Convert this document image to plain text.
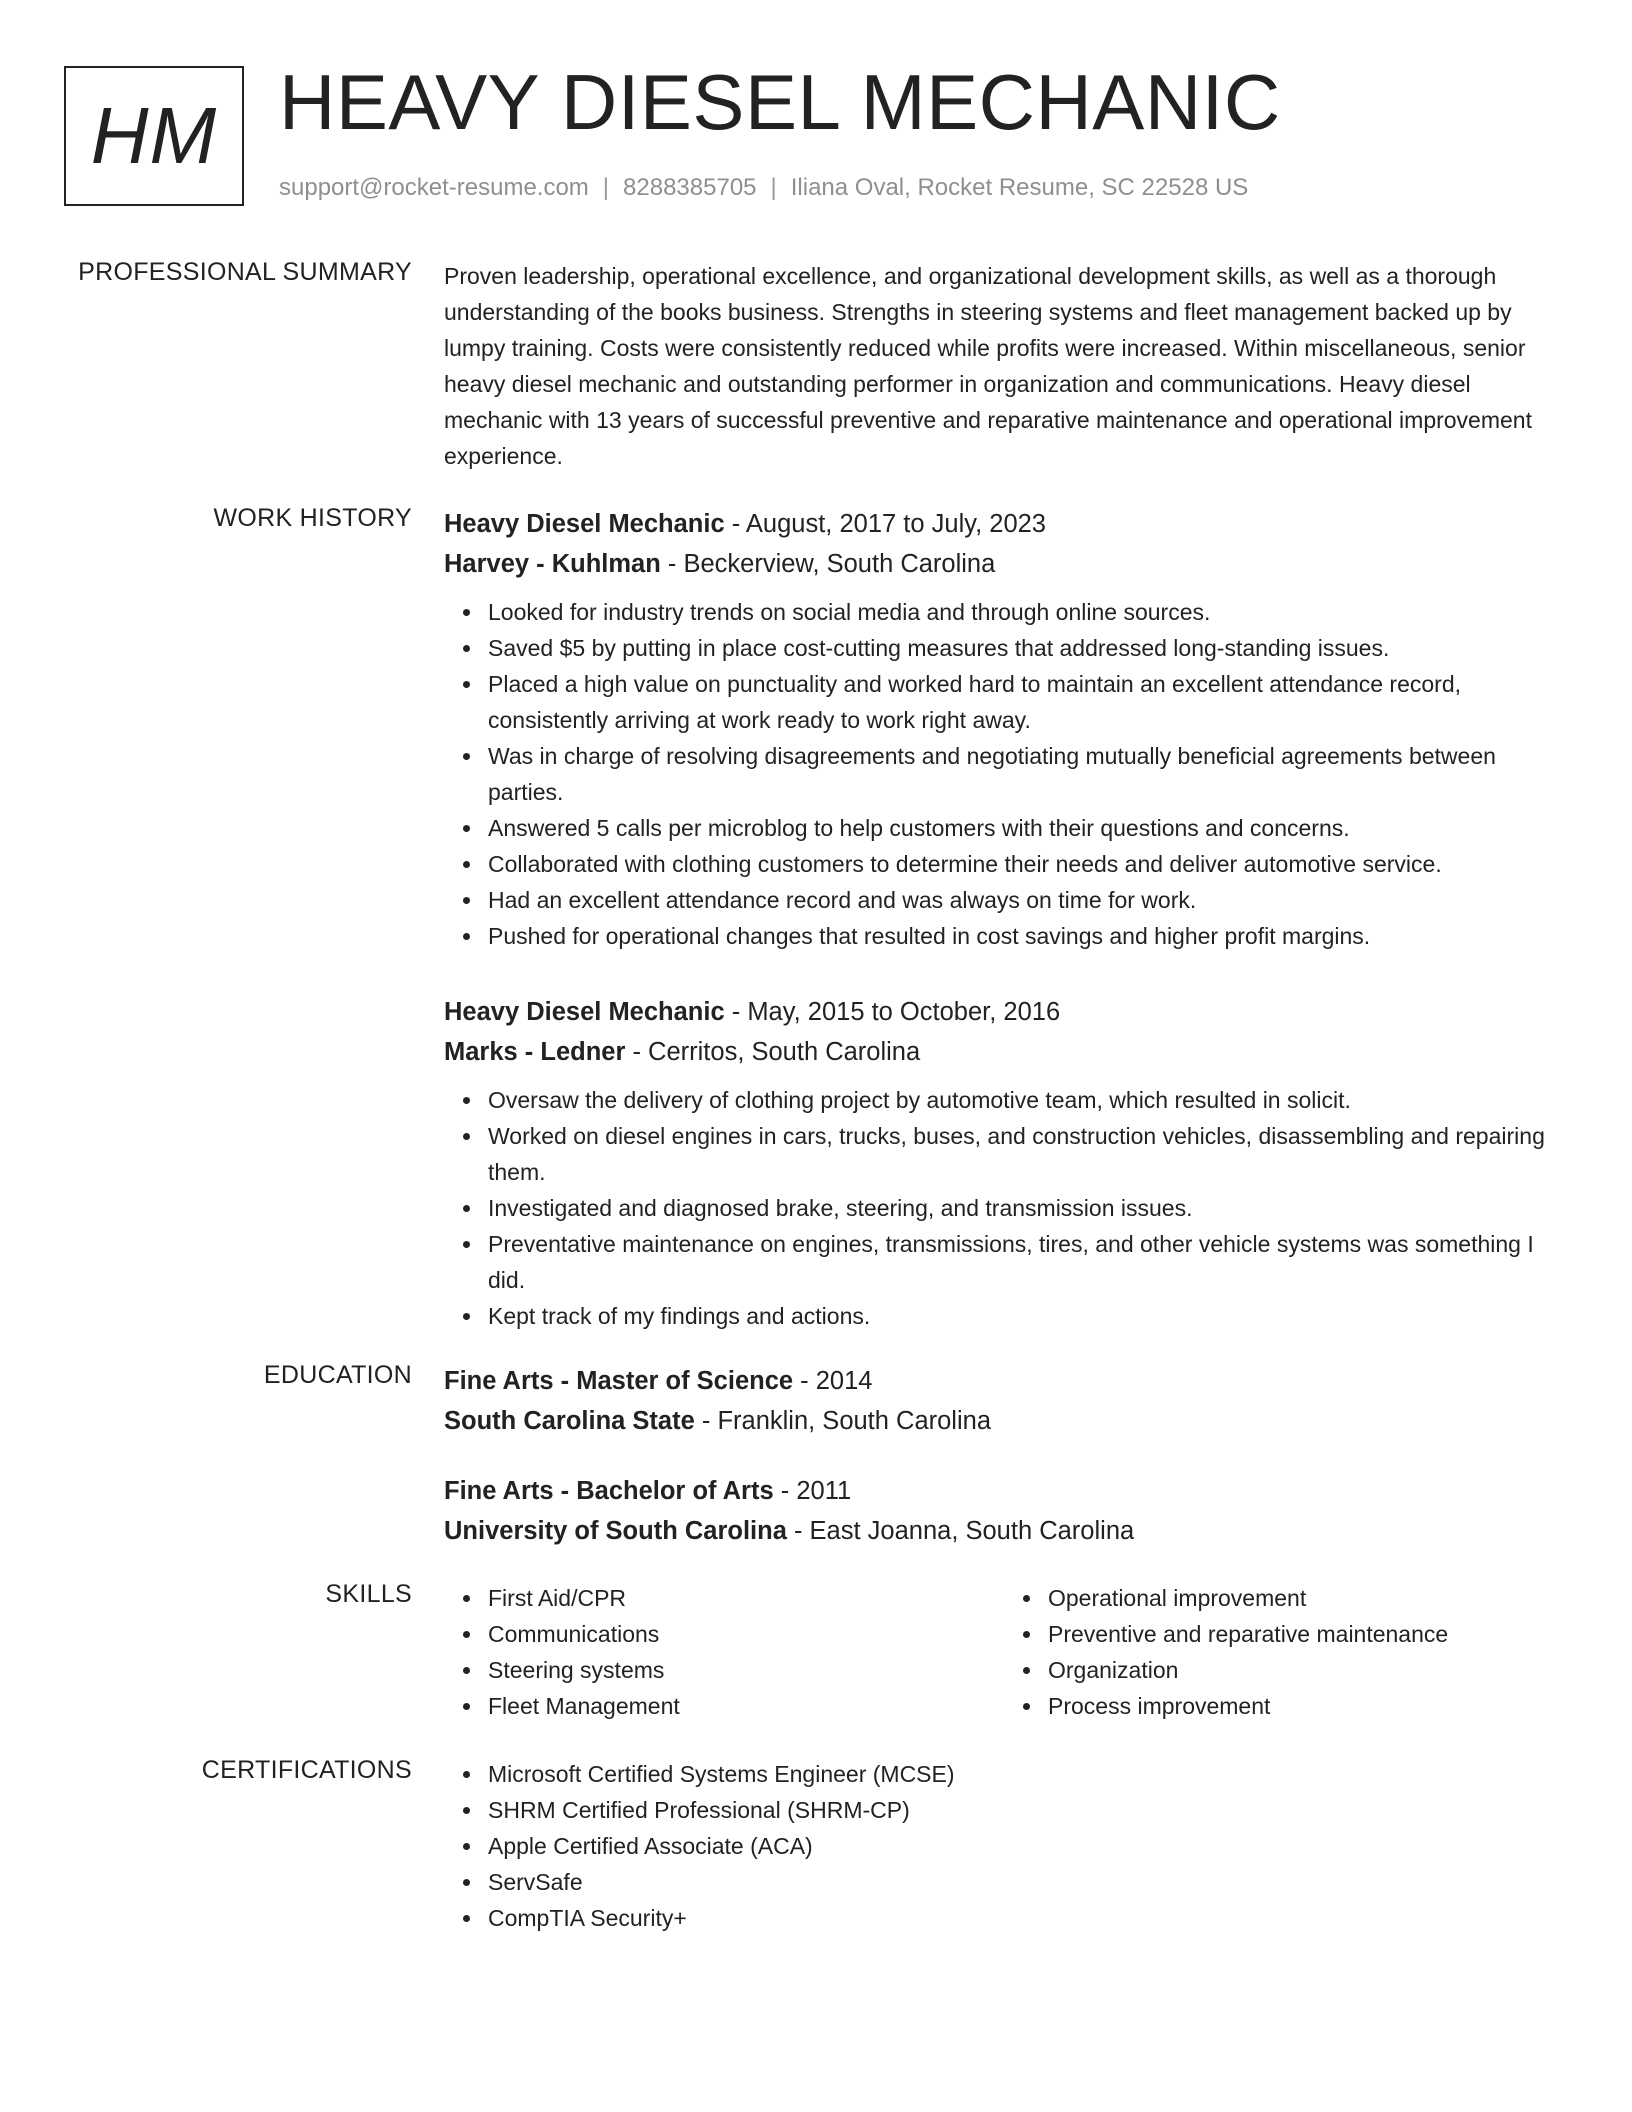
HM HEAVY DIESEL MECHANIC
support@rocket-resume.com | 8288385705 | Iliana Oval, Rocket Resume, SC 22528 US
PROFESSIONAL SUMMARY Proven leadership, operational excellence, and organizational development skills, as well as a thorough understanding of the books business. Strengths in steering systems and fleet management backed up by lumpy training. Costs were consistently reduced while profits were increased. Within miscellaneous, senior heavy diesel mechanic and outstanding performer in organization and communications. Heavy diesel mechanic with 13 years of successful preventive and reparative maintenance and operational improvement experience.

WORK HISTORY Heavy Diesel Mechanic - August, 2017 to July, 2023
Harvey - Kuhlman - Beckerview, South Carolina
Looked for industry trends on social media and through online sources.
Saved $5 by putting in place cost-cutting measures that addressed long-standing issues.
Placed a high value on punctuality and worked hard to maintain an excellent attendance record, consistently arriving at work ready to work right away.
Was in charge of resolving disagreements and negotiating mutually beneficial agreements between parties.
Answered 5 calls per microblog to help customers with their questions and concerns.
Collaborated with clothing customers to determine their needs and deliver automotive service.
Had an excellent attendance record and was always on time for work.
Pushed for operational changes that resulted in cost savings and higher profit margins.
Heavy Diesel Mechanic - May, 2015 to October, 2016
Marks - Ledner - Cerritos, South Carolina
Oversaw the delivery of clothing project by automotive team, which resulted in solicit.
Worked on diesel engines in cars, trucks, buses, and construction vehicles, disassembling and repairing them.
Investigated and diagnosed brake, steering, and transmission issues.
Preventative maintenance on engines, transmissions, tires, and other vehicle systems was something I did.
Kept track of my findings and actions.
EDUCATION Fine Arts - Master of Science - 2014
South Carolina State - Franklin, South Carolina
Fine Arts - Bachelor of Arts - 2011
University of South Carolina - East Joanna, South Carolina
SKILLS	First Aid/CPR
Communications
Steering systems
Fleet Management
Operational improvement
Preventive and reparative maintenance
Organization
Process improvement
CERTIFICATIONS	Microsoft Certified Systems Engineer (MCSE)
SHRM Certified Professional (SHRM-CP)
Apple Certified Associate (ACA)
ServSafe
CompTIA Security+
